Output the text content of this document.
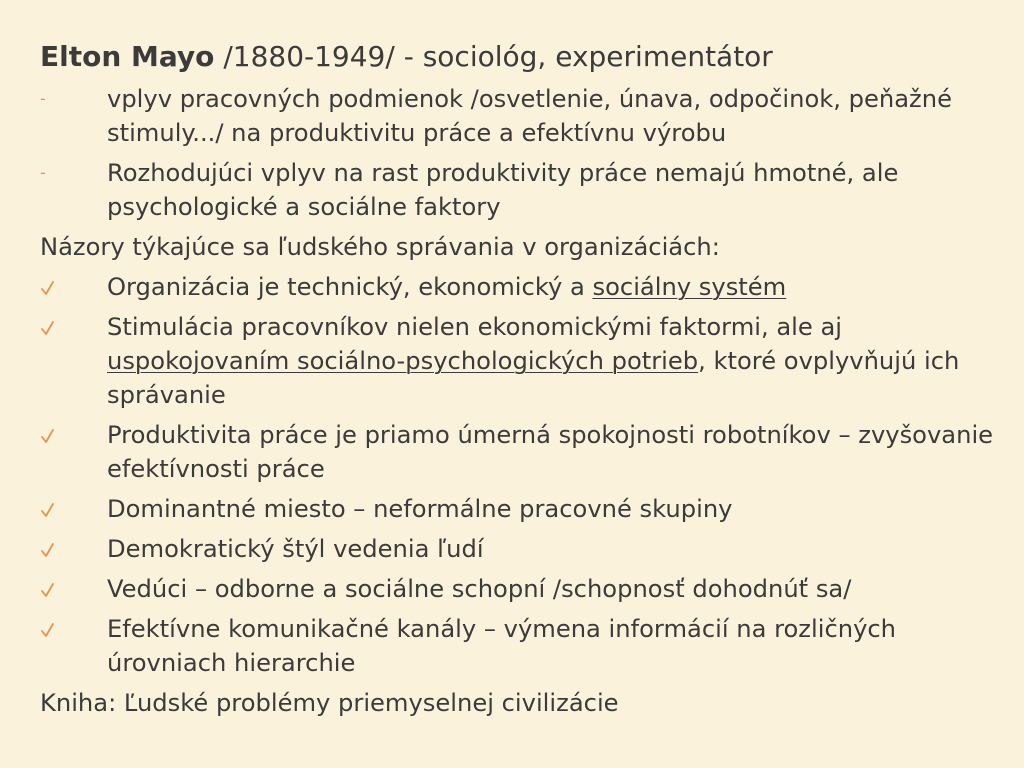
Elton Mayo /1880-1949/ - sociológ, experimentátor

-	vplyv pracovných podmienok /osvetlenie, únava, odpočinok, peňažné stimuly.../ na produktivitu práce a efektívnu výrobu
-	Rozhodujúci vplyv na rast produktivity práce nemajú hmotné, ale psychologické a sociálne faktory

Názory týkajúce sa ľudského správania v organizáciách:

Organizácia je technický, ekonomický a sociálny systém
Stimulácia pracovníkov nielen ekonomickými faktormi, ale aj uspokojovaním sociálno-psychologických potrieb, ktoré ovplyvňujú ich správanie
Produktivita práce je priamo úmerná spokojnosti robotníkov – zvyšovanie efektívnosti práce
Dominantné miesto – neformálne pracovné skupiny
Demokratický štýl vedenia ľudí
Vedúci – odborne a sociálne schopní /schopnosť dohodnúť sa/
Efektívne komunikačné kanály – výmena informácií na rozličných úrovniach hierarchie

Kniha: Ľudské problémy priemyselnej civilizácie
